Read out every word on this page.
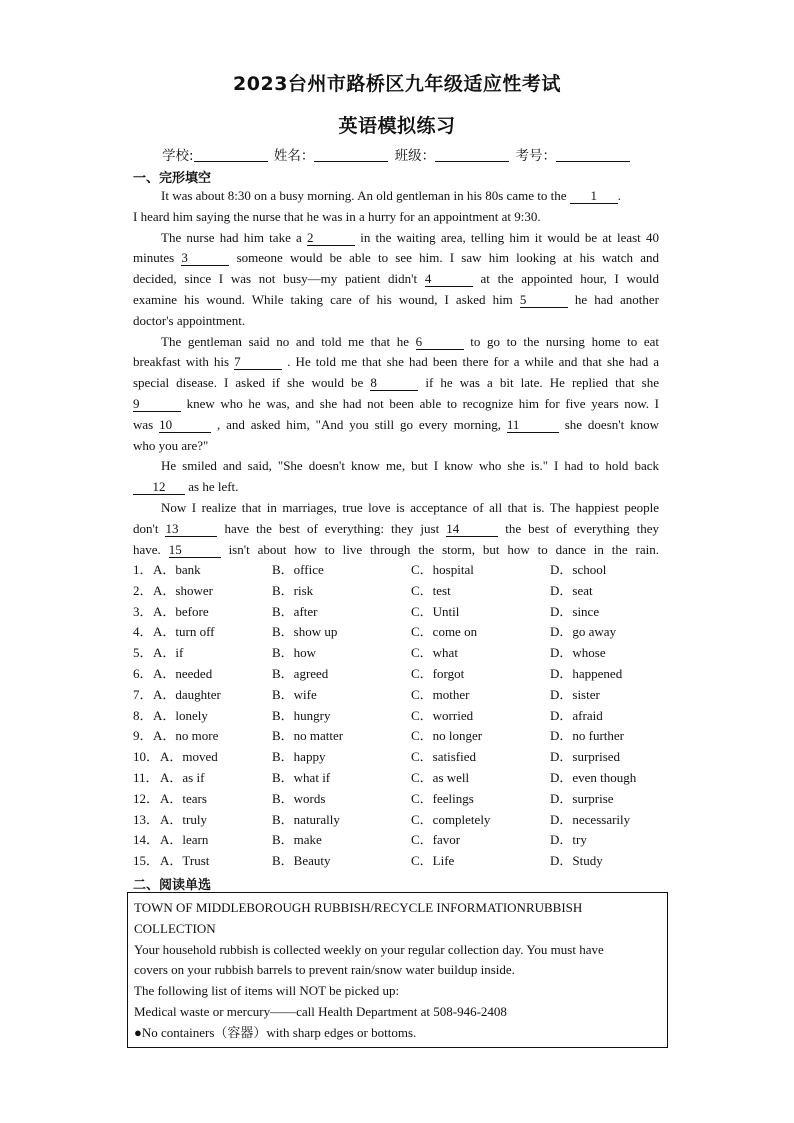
2023台州市路桥区九年级适应性考试
英语模拟练习
学校:	姓名：	班级：	考号：
一、完形填空
It was about 8:30 on a busy morning. An old gentleman in his 80s came to the 1 .
I heard him saying the nurse that he was in a hurry for an appointment at 9:30.
The nurse had him take a 2	in the waiting area, telling him it would be at least 40
minutes 3	someone would be able to see him. I saw him looking at his watch and
decided, since I was not busy—my patient didn't 4	at the appointed hour, I would
examine his wound. While taking care of his wound, I asked him 5	he had another
doctor's appointment.
The gentleman said no and told me that he 6	to go to the nursing home to eat
breakfast with his 7	. He told me that she had been there for a while and that she had a
special disease. I asked if she would be 8	if he was a bit late. He replied that she
9	knew who he was, and she had not been able to recognize him for five years now. I
was 10	, and asked him, "And you still go every morning, 11	she doesn't know
who you are?"
He smiled and said, "She doesn't know me, but I know who she is." I had to hold back
12 as he left.
Now I realize that in marriages, true love is acceptance of all that is. The happiest people
don't 13	have the best of everything: they just 14	the best of everything they
have. 15	isn't about how to live through the storm, but how to dance in the rain.
1． A．bank	B．office	C．hospital	D．school
2． A．shower	B．risk	C．test	D．seat
3． A．before	B．after	C．Until	D．since
4． A．turn off	B．show up	C．come on	D．go away
5． A．if	B．how	C．what	D．whose
6． A．needed	B．agreed	C．forgot	D．happened
7． A．daughter	B．wife	C．mother	D．sister
8． A．lonely	B．hungry	C．worried	D．afraid
9． A．no more	B．no matter	C．no longer	D．no further
10． A．moved	B．happy	C．satisfied	D．surprised
11． A．as if	B．what if	C．as well	D．even though
12． A．tears	B．words	C．feelings	D．surprise
13． A．truly	B．naturally	C．completely	D．necessarily
14． A．learn	B．make	C．favor	D．try
15． A．Trust	B．Beauty	C．Life	D．Study
二、阅读单选
TOWN OF MIDDLEBOROUGH RUBBISH/RECYCLE INFORMATIONRUBBISH
COLLECTION
Your household rubbish is collected weekly on your regular collection day. You must have
covers on your rubbish barrels to prevent rain/snow water buildup inside.
The following list of items will NOT be picked up:
Medical waste or mercury——call Health Department at 508-946-2408
●No containers（容器）with sharp edges or bottoms.
